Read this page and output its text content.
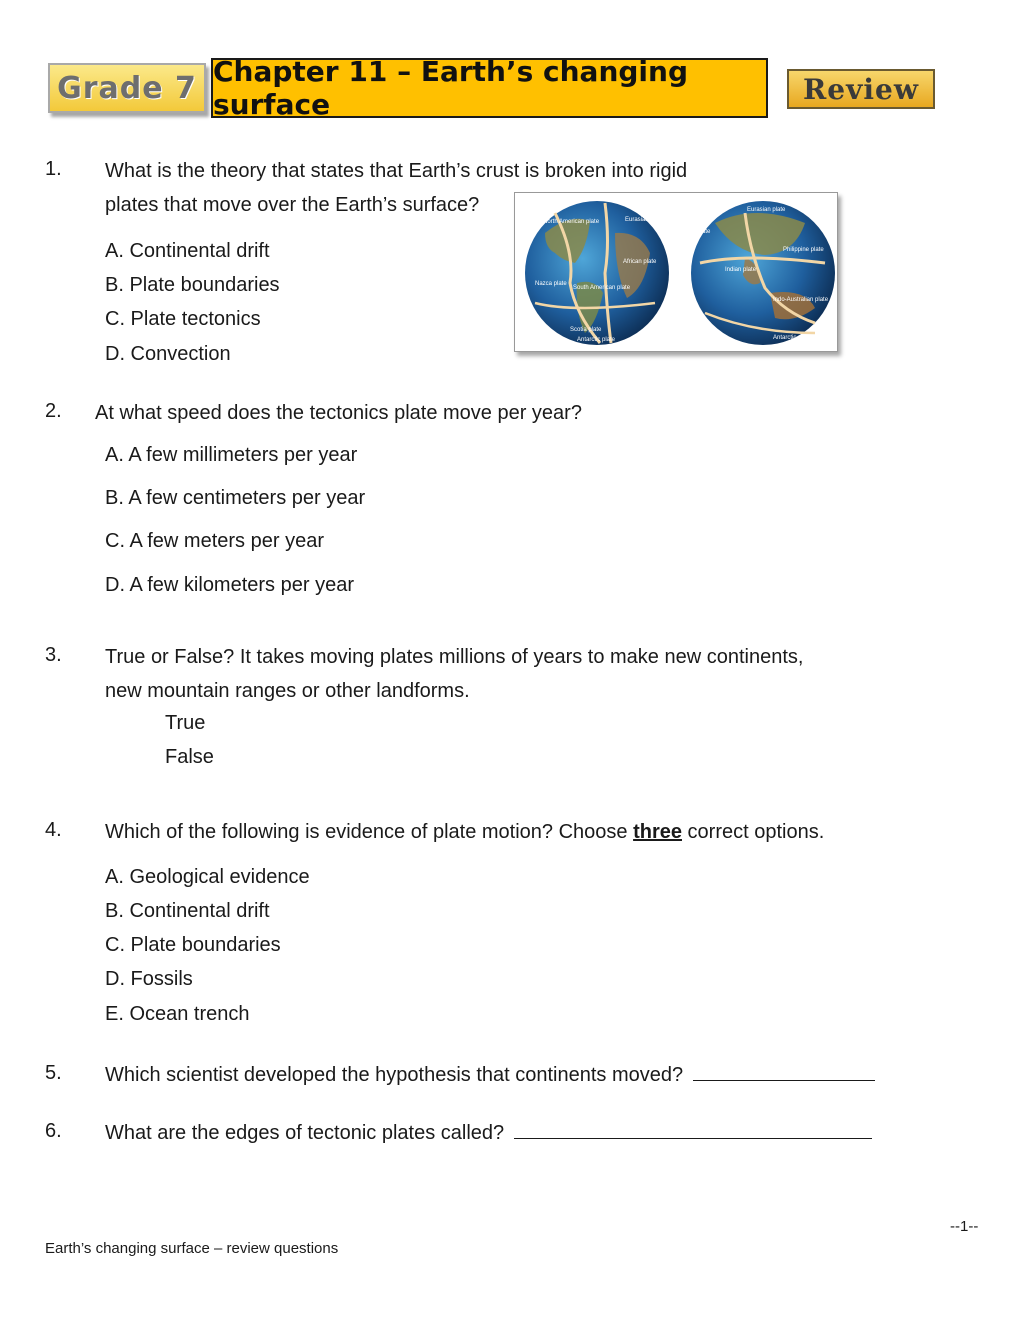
Grade 7 Chapter 11 – Earth’s changing surface	Review
1. What is the theory that states that Earth’s crust is broken into rigid
plates that move over the Earth’s surface?
A. Continental drift
B. Plate boundaries
C. Plate tectonics
D. Convection
North American plate	Eurasian plate
African plate
South American plate
Nazca plate
Scotia plate
Antarctic plate
Eurasian plate
Arabian plate
Indian plate
Philippine plate
Indo-Australian plate
Antarctic plate
2. At what speed does the tectonics plate move per year?
A. A few millimeters per year
B. A few centimeters per year
C. A few meters per year
D. A few kilometers per year
3. True or False? It takes moving plates millions of years to make new continents,
new mountain ranges or other landforms.
True
False
4. Which of the following is evidence of plate motion? Choose three correct options.
A. Geological evidence
B. Continental drift
C. Plate boundaries
D. Fossils
E. Ocean trench
5. Which scientist developed the hypothesis that continents moved?
6. What are the edges of tectonic plates called?
--1--
Earth’s changing surface – review questions
